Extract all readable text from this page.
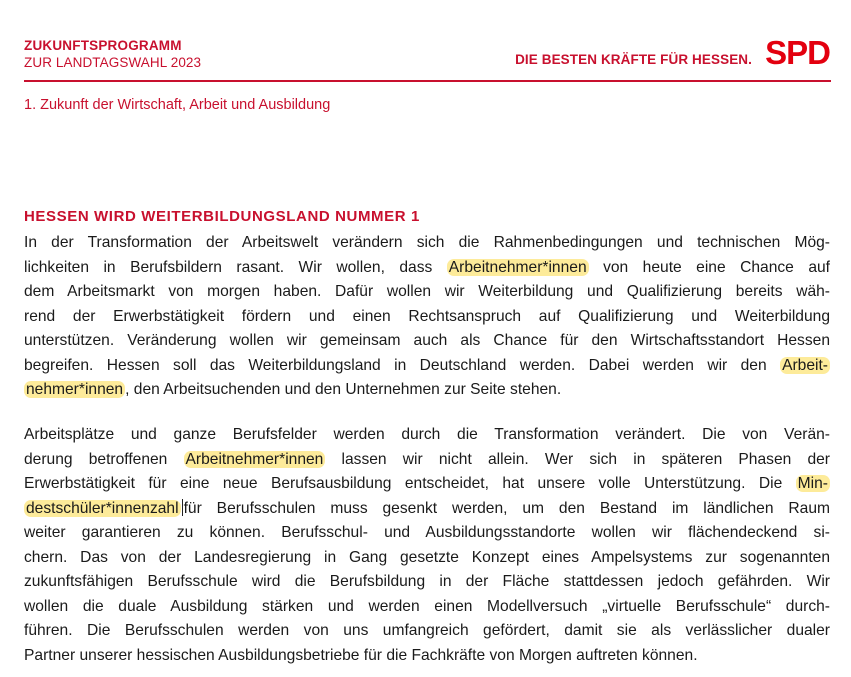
ZUKUNFTSPROGRAMM
ZUR LANDTAGSWAHL 2023	DIE BESTEN KRÄFTE FÜR HESSEN. SPD
1. Zukunft der Wirtschaft, Arbeit und Ausbildung
HESSEN WIRD WEITERBILDUNGSLAND NUMMER 1
In der Transformation der Arbeitswelt verändern sich die Rahmenbedingungen und technischen Mög-
lichkeiten in Berufsbildern rasant. Wir wollen, dass Arbeitnehmer*innen von heute eine Chance auf
dem Arbeitsmarkt von morgen haben. Dafür wollen wir Weiterbildung und Qualifizierung bereits wäh-
rend der Erwerbstätigkeit fördern und einen Rechtsanspruch auf Qualifizierung und Weiterbildung
unterstützen. Veränderung wollen wir gemeinsam auch als Chance für den Wirtschaftsstandort Hessen
begreifen. Hessen soll das Weiterbildungsland in Deutschland werden. Dabei werden wir den Arbeit-
nehmer*innen , den Arbeitsuchenden und den Unternehmen zur Seite stehen.
Arbeitsplätze und ganze Berufsfelder werden durch die Transformation verändert. Die von Verän-
derung betroffenen Arbeitnehmer*innen lassen wir nicht allein. Wer sich in späteren Phasen der
Erwerbstätigkeit für eine neue Berufsausbildung entscheidet, hat unsere volle Unterstützung. Die Min-
destschüler*innenzahl für Berufsschulen muss gesenkt werden, um den Bestand im ländlichen Raum
weiter garantieren zu können. Berufsschul- und Ausbildungsstandorte wollen wir flächendeckend si-
chern. Das von der Landesregierung in Gang gesetzte Konzept eines Ampelsystems zur sogenannten
zukunftsfähigen Berufsschule wird die Berufsbildung in der Fläche stattdessen jedoch gefährden. Wir
wollen die duale Ausbildung stärken und werden einen Modellversuch „virtuelle Berufsschule“ durch-
führen. Die Berufsschulen werden von uns umfangreich gefördert, damit sie als verlässlicher dualer
Partner unserer hessischen Ausbildungsbetriebe für die Fachkräfte von Morgen auftreten können.
